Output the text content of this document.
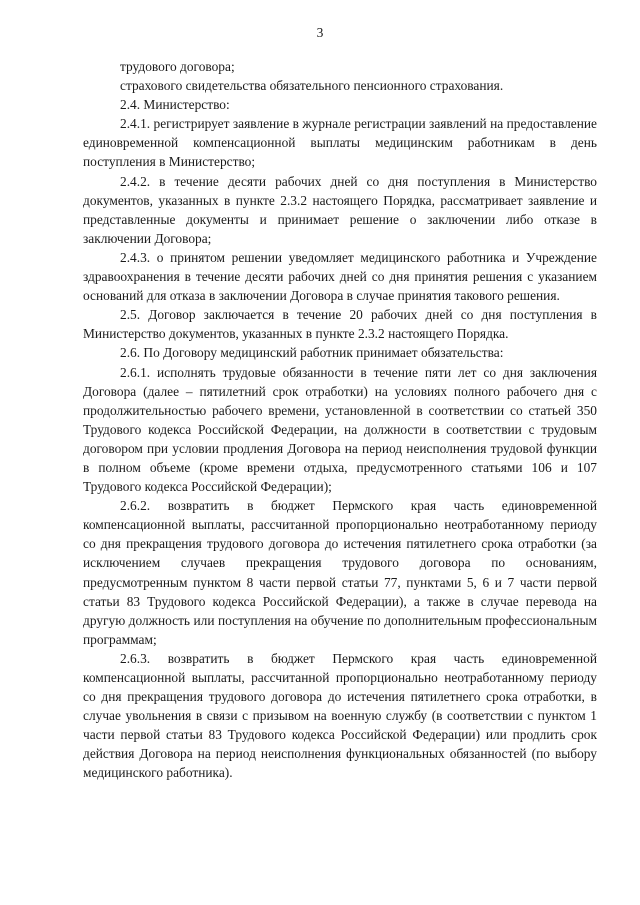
3

трудового договора;

страхового свидетельства обязательного пенсионного страхования.

2.4. Министерство:

2.4.1. регистрирует заявление в журнале регистрации заявлений на предоставление единовременной компенсационной выплаты медицинским работникам в день поступления в Министерство;

2.4.2. в течение десяти рабочих дней со дня поступления в Министерство документов, указанных в пункте 2.3.2 настоящего Порядка, рассматривает заявление и представленные документы и принимает решение о заключении либо отказе в заключении Договора;

2.4.3. о принятом решении уведомляет медицинского работника и Учреждение здравоохранения в течение десяти рабочих дней со дня принятия решения с указанием оснований для отказа в заключении Договора в случае принятия такового решения.

2.5. Договор заключается в течение 20 рабочих дней со дня поступления в Министерство документов, указанных в пункте 2.3.2 настоящего Порядка.

2.6. По Договору медицинский работник принимает обязательства:

2.6.1. исполнять трудовые обязанности в течение пяти лет со дня заключения Договора (далее – пятилетний срок отработки) на условиях полного рабочего дня с продолжительностью рабочего времени, установленной в соответствии со статьей 350 Трудового кодекса Российской Федерации, на должности в соответствии с трудовым договором при условии продления Договора на период неисполнения трудовой функции в полном объеме (кроме времени отдыха, предусмотренного статьями 106 и 107 Трудового кодекса Российской Федерации);

2.6.2. возвратить в бюджет Пермского края часть единовременной компенсационной выплаты, рассчитанной пропорционально неотработанному периоду со дня прекращения трудового договора до истечения пятилетнего срока отработки (за исключением случаев прекращения трудового договора по основаниям, предусмотренным пунктом 8 части первой статьи 77, пунктами 5, 6 и 7 части первой статьи 83 Трудового кодекса Российской Федерации), а также в случае перевода на другую должность или поступления на обучение по дополнительным профессиональным программам;

2.6.3. возвратить в бюджет Пермского края часть единовременной компенсационной выплаты, рассчитанной пропорционально неотработанному периоду со дня прекращения трудового договора до истечения пятилетнего срока отработки, в случае увольнения в связи с призывом на военную службу (в соответствии с пунктом 1 части первой статьи 83 Трудового кодекса Российской Федерации) или продлить срок действия Договора на период неисполнения функциональных обязанностей (по выбору медицинского работника).
